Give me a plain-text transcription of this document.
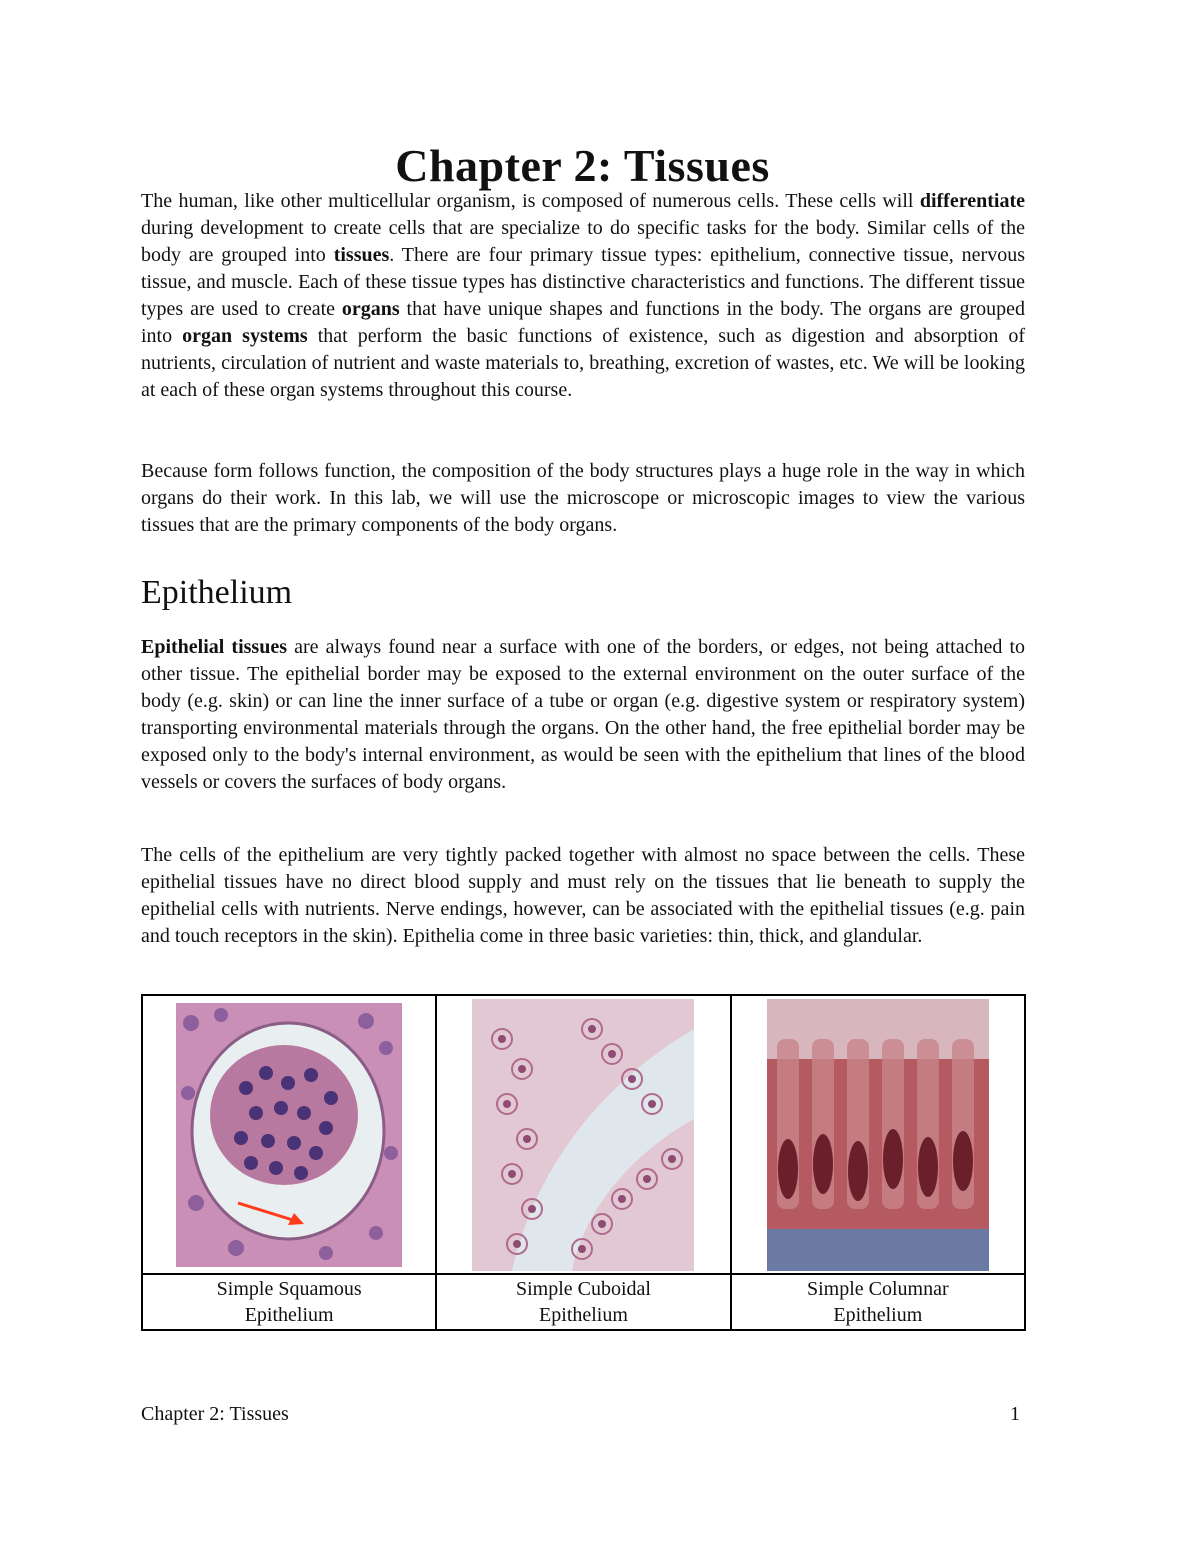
Chapter 2: Tissues

The human, like other multicellular organism, is composed of numerous cells. These cells will differentiate during development to create cells that are specialize to do specific tasks for the body. Similar cells of the body are grouped into tissues. There are four primary tissue types: epithelium, connective tissue, nervous tissue, and muscle. Each of these tissue types has distinctive characteristics and functions. The different tissue types are used to create organs that have unique shapes and functions in the body. The organs are grouped into organ systems that perform the basic functions of existence, such as digestion and absorption of nutrients, circulation of nutrient and waste materials to, breathing, excretion of wastes, etc. We will be looking at each of these organ systems throughout this course.

Because form follows function, the composition of the body structures plays a huge role in the way in which organs do their work. In this lab, we will use the microscope or microscopic images to view the various tissues that are the primary components of the body organs.

Epithelium

Epithelial tissues are always found near a surface with one of the borders, or edges, not being attached to other tissue. The epithelial border may be exposed to the external environment on the outer surface of the body (e.g. skin) or can line the inner surface of a tube or organ (e.g. digestive system or respiratory system) transporting environmental materials through the organs. On the other hand, the free epithelial border may be exposed only to the body's internal environment, as would be seen with the epithelium that lines of the blood vessels or covers the surfaces of body organs.

The cells of the epithelium are very tightly packed together with almost no space between the cells. These epithelial tissues have no direct blood supply and must rely on the tissues that lie beneath to supply the epithelial cells with nutrients. Nerve endings, however, can be associated with the epithelial tissues (e.g. pain and touch receptors in the skin). Epithelia come in three basic varieties: thin, thick, and glandular.

Simple Squamous
Epithelium	Simple Cuboidal
Epithelium	Simple Columnar
Epithelium
Chapter 2: Tissues	1
